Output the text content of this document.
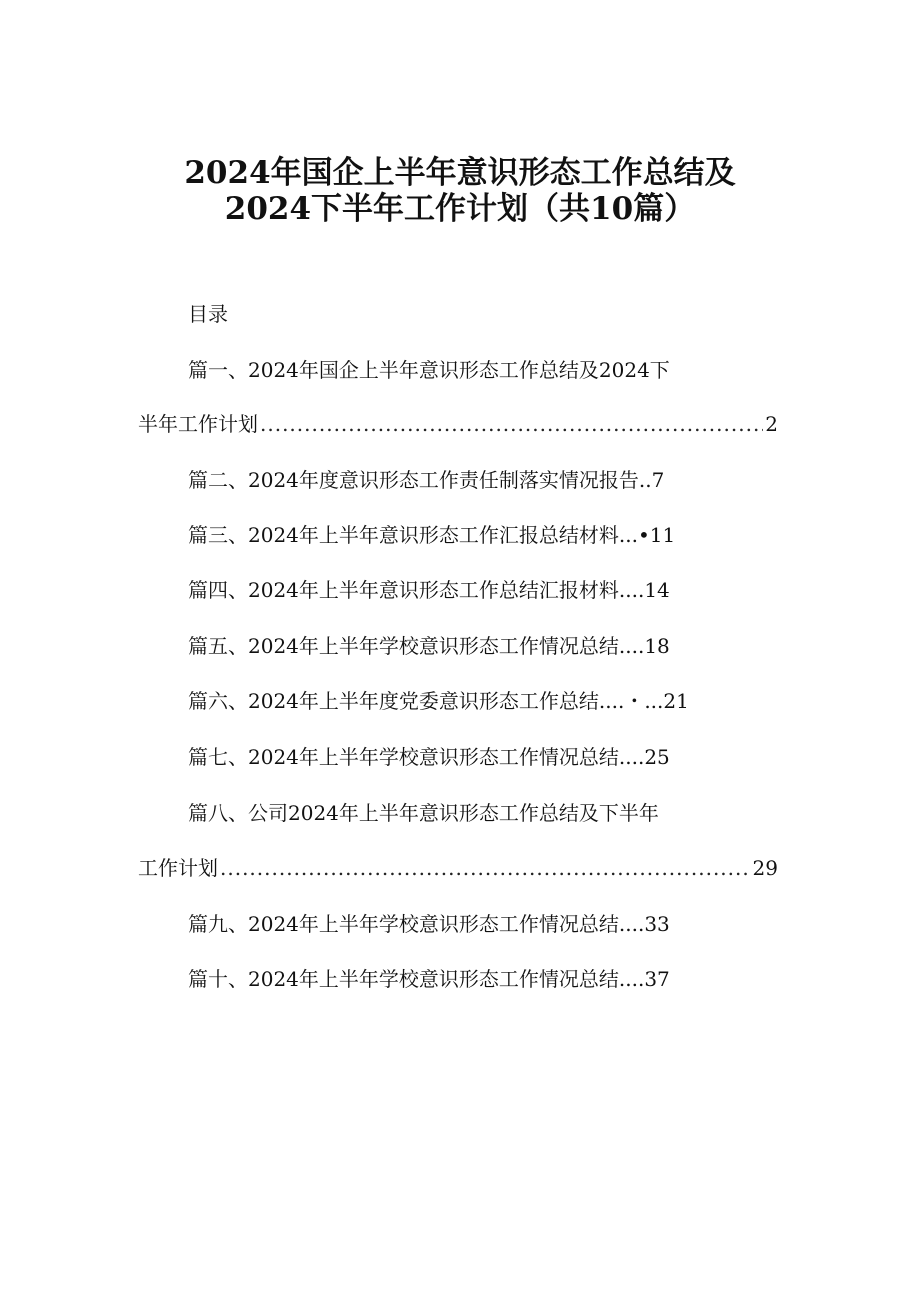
2024年国企上半年意识形态工作总结及
2024下半年工作计划（共10篇）
目录
篇一、2024年国企上半年意识形态工作总结及2024下
半年工作计划 .....	2
篇二、2024年度意识形态工作责任制落实情况报告..7
篇三、2024年上半年意识形态工作汇报总结材料...•11
篇四、2024年上半年意识形态工作总结汇报材料....14
篇五、2024年上半年学校意识形态工作情况总结....18
篇六、2024年上半年度党委意识形态工作总结....・...21
篇七、2024年上半年学校意识形态工作情况总结....25
篇八、公司2024年上半年意识形态工作总结及下半年
工作计划 .....	29
篇九、2024年上半年学校意识形态工作情况总结....33
篇十、2024年上半年学校意识形态工作情况总结....37
